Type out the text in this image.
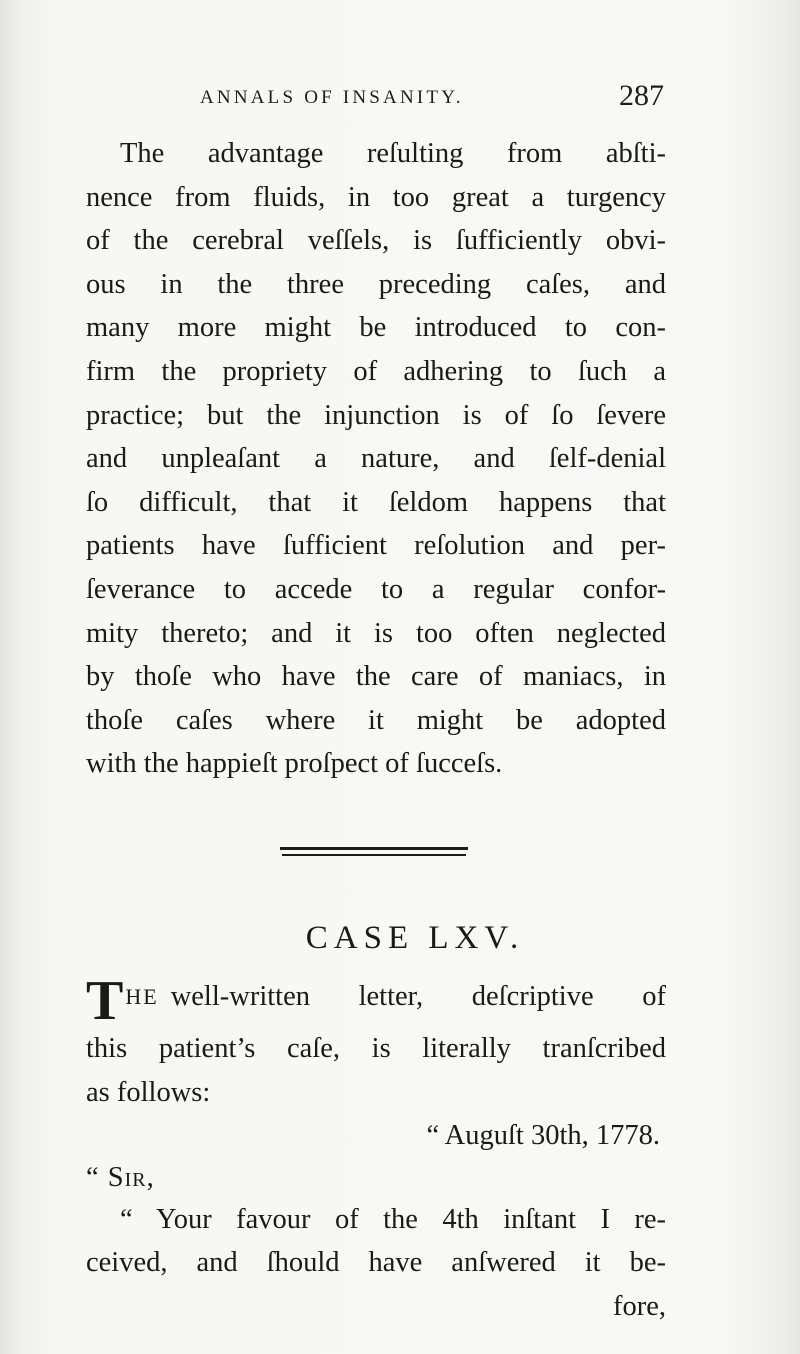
ANNALS OF INSANITY.	287
The advantage reſulting from abſti-
nence from fluids, in too great a turgency
of the cerebral veſſels, is ſufficiently obvi-
ous in the three preceding caſes, and
many more might be introduced to con-
firm the propriety of adhering to ſuch a
practice; but the injunction is of ſo ſevere
and unpleaſant a nature, and ſelf-denial
ſo difficult, that it ſeldom happens that
patients have ſufficient reſolution and per-
ſeverance to accede to a regular confor-
mity thereto; and it is too often neglected
by thoſe who have the care of maniacs, in
thoſe caſes where it might be adopted
with the happieſt proſpect of ſucceſs.
CASE LXV.
T HE well-written letter, deſcriptive of
this patient’s caſe, is literally tranſcribed
as follows:
“ Auguſt 30th, 1778.
“ Sir,
“ Your favour of the 4th inſtant I re-
ceived, and ſhould have anſwered it be-
fore,
